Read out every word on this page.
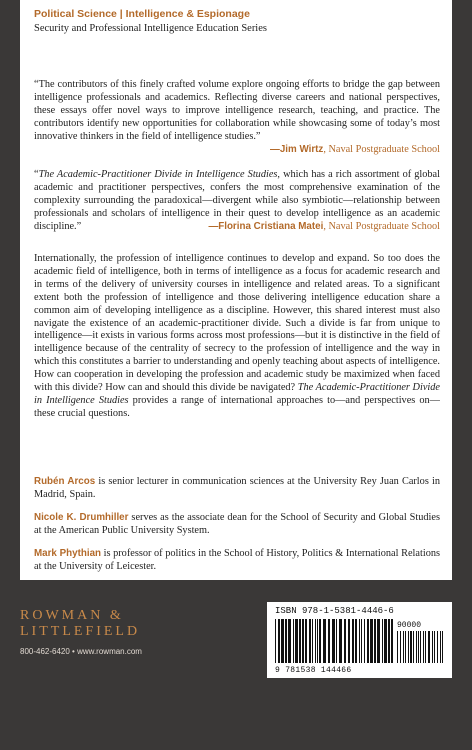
Political Science | Intelligence & Espionage
Security and Professional Intelligence Education Series
“The contributors of this finely crafted volume explore ongoing efforts to bridge the gap between intelligence professionals and academics. Reflecting diverse careers and national perspectives, these essays offer novel ways to improve intelligence research, teaching, and practice. The contributors identify new opportunities for collaboration while showcasing some of today’s most innovative thinkers in the field of intelligence studies.”
—Jim Wirtz, Naval Postgraduate School
“The Academic-Practitioner Divide in Intelligence Studies, which has a rich assortment of global academic and practitioner perspectives, confers the most comprehensive examination of the complexity surrounding the paradoxical—divergent while also symbiotic—relationship between professionals and scholars of intelligence in their quest to develop intelligence as an academic discipline.”	—Florina Cristiana Matei, Naval Postgraduate School
Internationally, the profession of intelligence continues to develop and expand. So too does the academic field of intelligence, both in terms of intelligence as a focus for academic research and in terms of the delivery of university courses in intelligence and related areas. To a significant extent both the profession of intelligence and those delivering intelligence education share a common aim of developing intelligence as a discipline. However, this shared interest must also navigate the existence of an academic-practitioner divide. Such a divide is far from unique to intelligence—it exists in various forms across most professions—but it is distinctive in the field of intelligence because of the centrality of secrecy to the profession of intelligence and the way in which this constitutes a barrier to understanding and openly teaching about aspects of intelligence. How can cooperation in developing the profession and academic study be maximized when faced with this divide? How can and should this divide be navigated? The Academic-Practitioner Divide in Intelligence Studies provides a range of international approaches to—and perspectives on—these crucial questions.
Rubén Arcos is senior lecturer in communication sciences at the University Rey Juan Carlos in Madrid, Spain.
Nicole K. Drumhiller serves as the associate dean for the School of Security and Global Studies at the American Public University System.
Mark Phythian is professor of politics in the School of History, Politics & International Relations at the University of Leicester.
ROWMAN &
LITTLEFIELD
800-462-6420 • www.rowman.com
ISBN 978-1-5381-4446-6
90000
9 781538 144466
